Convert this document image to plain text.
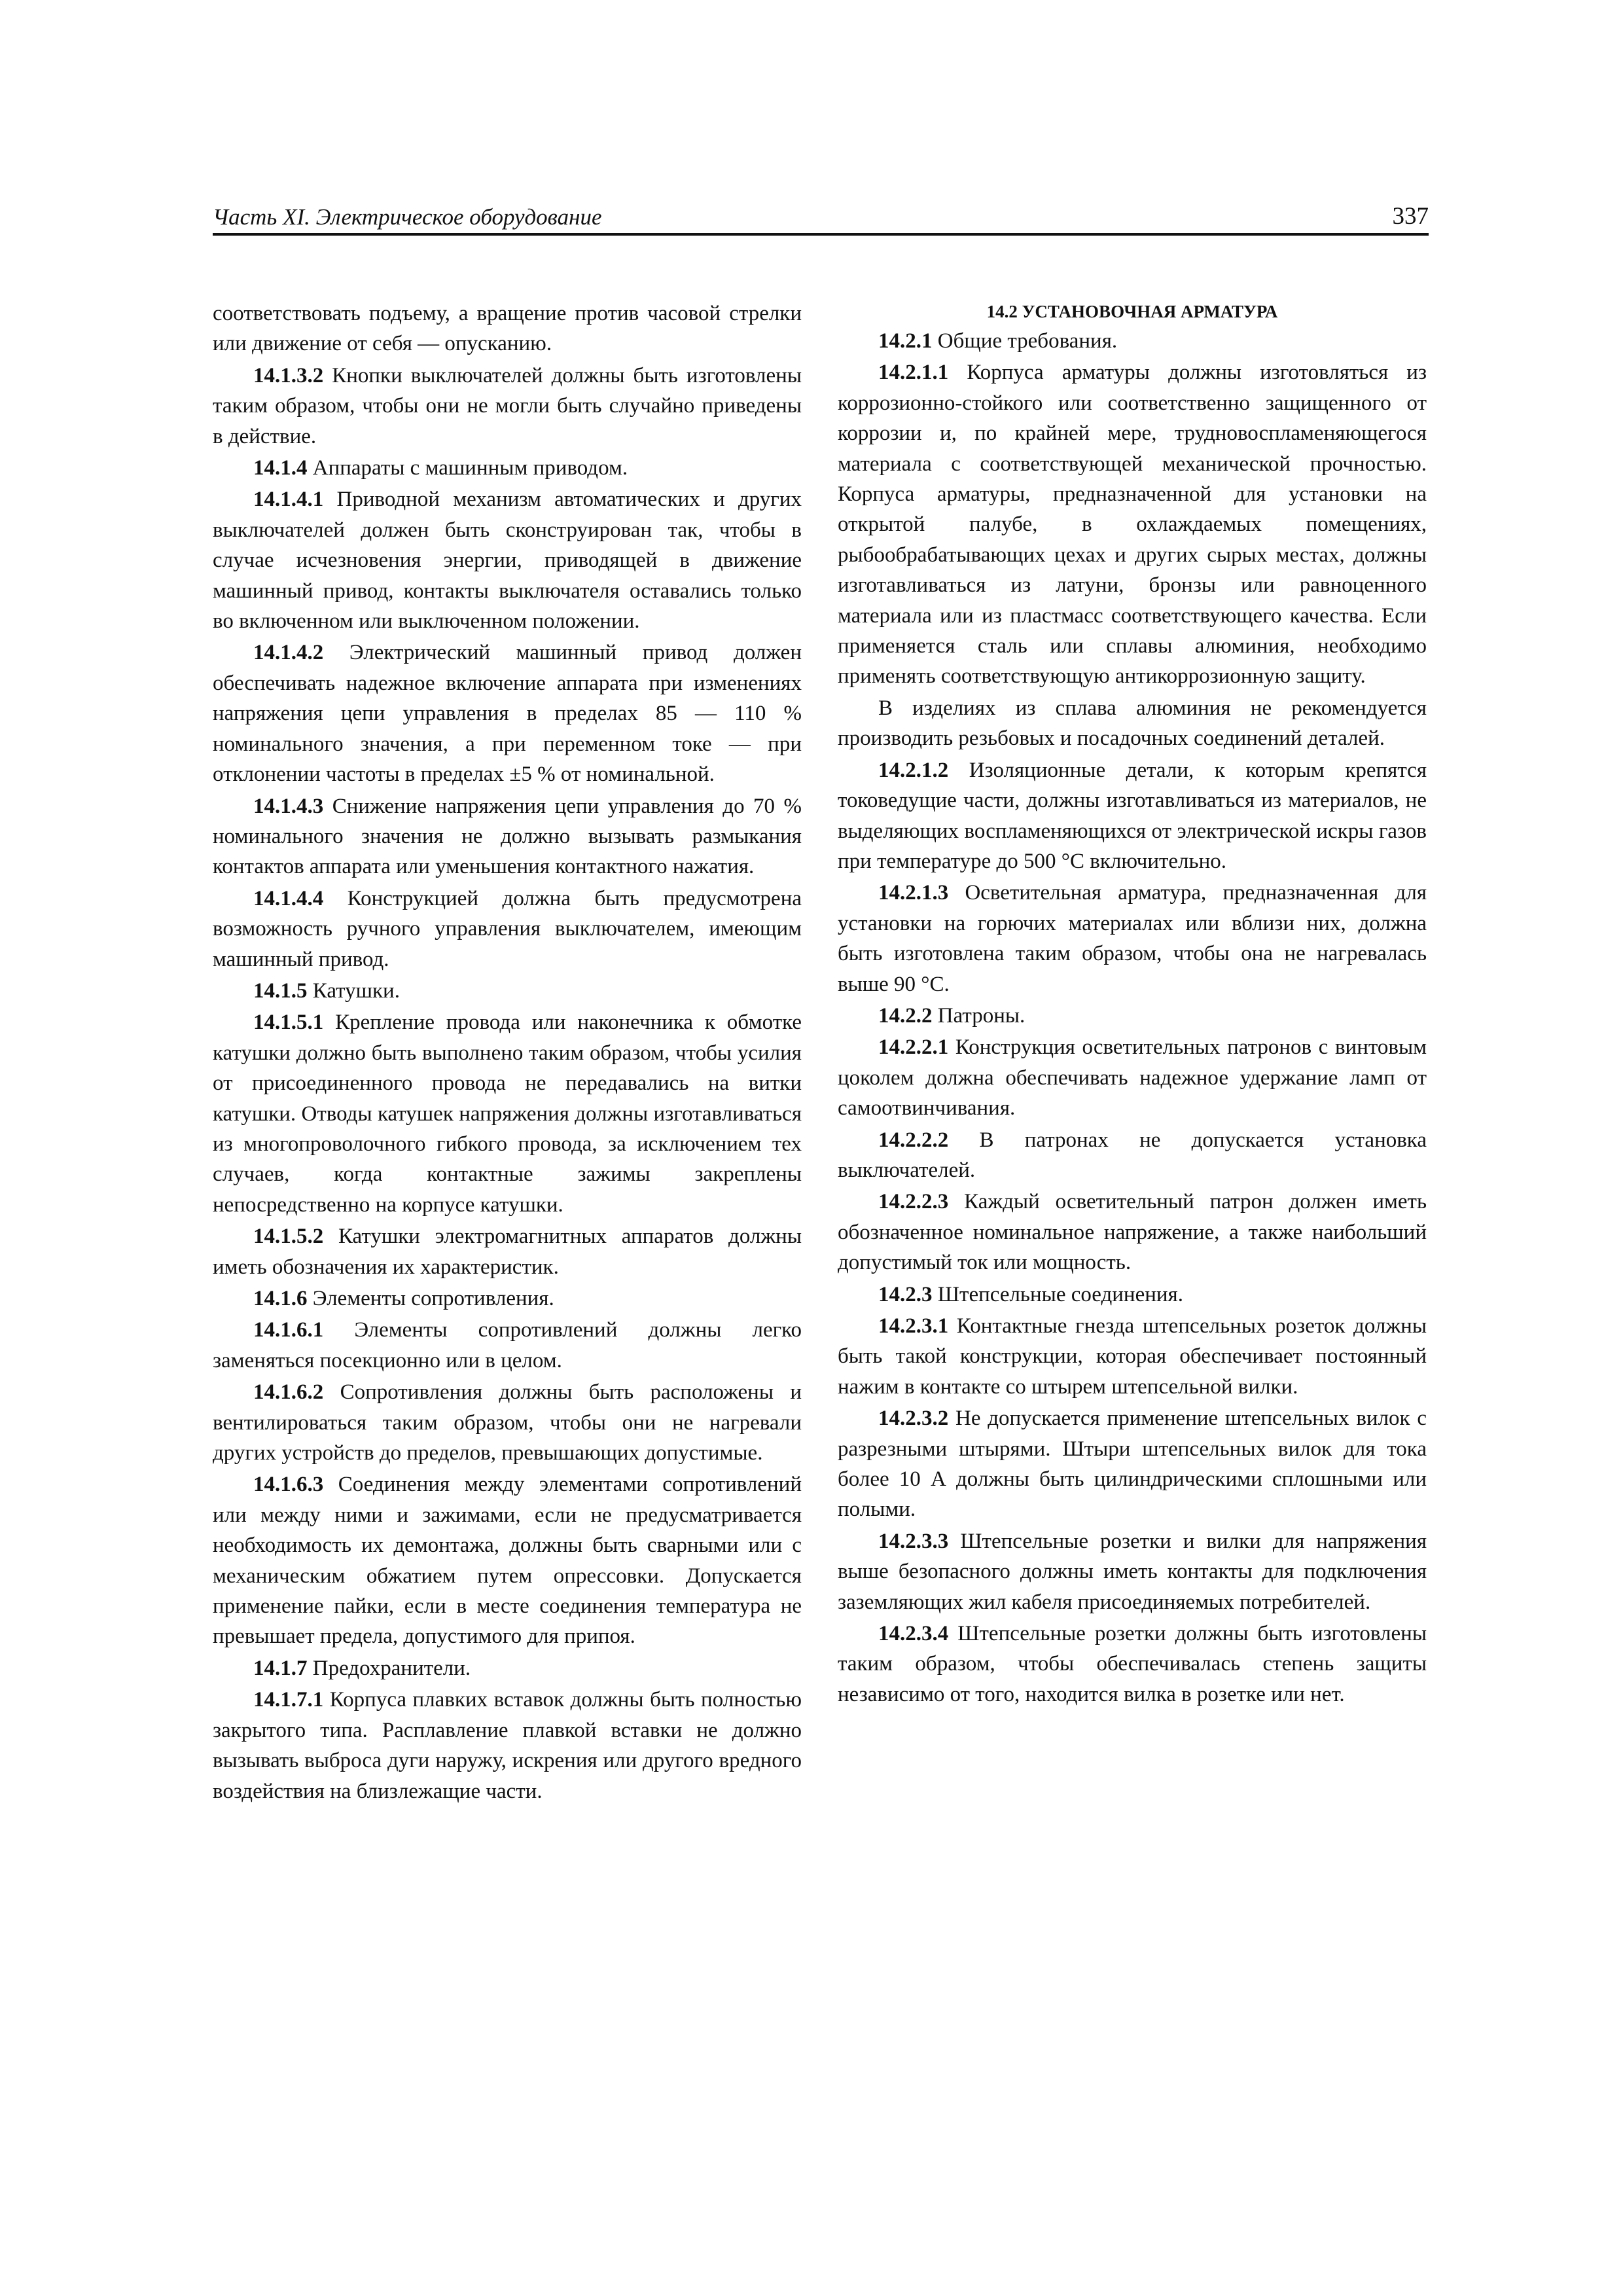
Часть XI. Электрическое оборудование	337

соответствовать подъему, а вращение против часовой стрелки или движение от себя — опусканию.

14.1.3.2 Кнопки выключателей должны быть изготовлены таким образом, чтобы они не могли быть случайно приведены в действие.

14.1.4 Аппараты с машинным приводом.

14.1.4.1 Приводной механизм автоматических и других выключателей должен быть сконструирован так, чтобы в случае исчезновения энергии, приводящей в движение машинный привод, контакты выключателя оставались только во включенном или выключенном положении.

14.1.4.2 Электрический машинный привод должен обеспечивать надежное включение аппарата при изменениях напряжения цепи управления в пределах 85 — 110 % номинального значения, а при переменном токе — при отклонении частоты в пределах ±5 % от номинальной.

14.1.4.3 Снижение напряжения цепи управления до 70 % номинального значения не должно вызывать размыкания контактов аппарата или уменьшения контактного нажатия.

14.1.4.4 Конструкцией должна быть предусмотрена возможность ручного управления выключателем, имеющим машинный привод.

14.1.5 Катушки.

14.1.5.1 Крепление провода или наконечника к обмотке катушки должно быть выполнено таким образом, чтобы усилия от присоединенного провода не передавались на витки катушки. Отводы катушек напряжения должны изготавливаться из многопроволочного гибкого провода, за исключением тех случаев, когда контактные зажимы закреплены непосредственно на корпусе катушки.

14.1.5.2 Катушки электромагнитных аппаратов должны иметь обозначения их характеристик.

14.1.6 Элементы сопротивления.

14.1.6.1 Элементы сопротивлений должны легко заменяться посекционно или в целом.

14.1.6.2 Сопротивления должны быть расположены и вентилироваться таким образом, чтобы они не нагревали других устройств до пределов, превышающих допустимые.

14.1.6.3 Соединения между элементами сопротивлений или между ними и зажимами, если не предусматривается необходимость их демонтажа, должны быть сварными или с механическим обжатием путем опрессовки. Допускается применение пайки, если в месте соединения температура не превышает предела, допустимого для припоя.

14.1.7 Предохранители.

14.1.7.1 Корпуса плавких вставок должны быть полностью закрытого типа. Расплавление плавкой вставки не должно вызывать выброса дуги наружу, искрения или другого вредного воздействия на близлежащие части.

14.2 УСТАНОВОЧНАЯ АРМАТУРА

14.2.1 Общие требования.

14.2.1.1 Корпуса арматуры должны изготовляться из коррозионно-стойкого или соответственно защищенного от коррозии и, по крайней мере, трудновоспламеняющегося материала с соответствующей механической прочностью. Корпуса арматуры, предназначенной для установки на открытой палубе, в охлаждаемых помещениях, рыбообрабатывающих цехах и других сырых местах, должны изготавливаться из латуни, бронзы или равноценного материала или из пластмасс соответствующего качества. Если применяется сталь или сплавы алюминия, необходимо применять соответствующую антикоррозионную защиту.

В изделиях из сплава алюминия не рекомендуется производить резьбовых и посадочных соединений деталей.

14.2.1.2 Изоляционные детали, к которым крепятся токоведущие части, должны изготавливаться из материалов, не выделяющих воспламеняющихся от электрической искры газов при температуре до 500 °С включительно.

14.2.1.3 Осветительная арматура, предназначенная для установки на горючих материалах или вблизи них, должна быть изготовлена таким образом, чтобы она не нагревалась выше 90 °С.

14.2.2 Патроны.

14.2.2.1 Конструкция осветительных патронов с винтовым цоколем должна обеспечивать надежное удержание ламп от самоотвинчивания.

14.2.2.2 В патронах не допускается установка выключателей.

14.2.2.3 Каждый осветительный патрон должен иметь обозначенное номинальное напряжение, а также наибольший допустимый ток или мощность.

14.2.3 Штепсельные соединения.

14.2.3.1 Контактные гнезда штепсельных розеток должны быть такой конструкции, которая обеспечивает постоянный нажим в контакте со штырем штепсельной вилки.

14.2.3.2 Не допускается применение штепсельных вилок с разрезными штырями. Штыри штепсельных вилок для тока более 10 А должны быть цилиндрическими сплошными или полыми.

14.2.3.3 Штепсельные розетки и вилки для напряжения выше безопасного должны иметь контакты для подключения заземляющих жил кабеля присоединяемых потребителей.

14.2.3.4 Штепсельные розетки должны быть изготовлены таким образом, чтобы обеспечивалась степень защиты независимо от того, находится вилка в розетке или нет.
